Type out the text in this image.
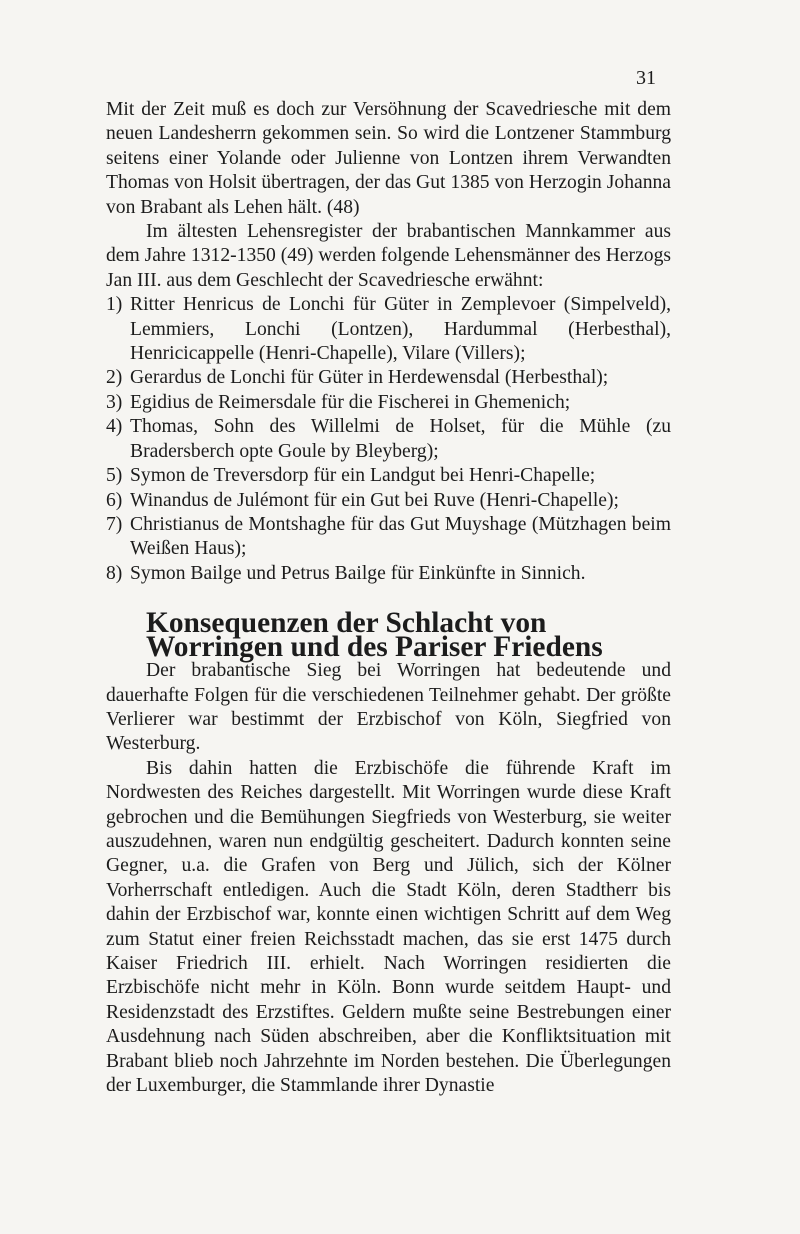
31

Mit der Zeit muß es doch zur Versöhnung der Scavedriesche mit dem neuen Landesherrn gekommen sein. So wird die Lontzener Stammburg seitens einer Yolande oder Julienne von Lontzen ihrem Verwandten Thomas von Holsit übertragen, der das Gut 1385 von Herzogin Johanna von Brabant als Lehen hält. (48)

Im ältesten Lehensregister der brabantischen Mannkammer aus dem Jahre 1312-1350 (49) werden folgende Lehensmänner des Herzogs Jan III. aus dem Geschlecht der Scavedriesche erwähnt:

1) Ritter Henricus de Lonchi für Güter in Zemplevoer (Simpelveld), Lemmiers, Lonchi (Lontzen), Hardummal (Herbesthal), Henricicappelle (Henri-Chapelle), Vilare (Villers);
2) Gerardus de Lonchi für Güter in Herdewensdal (Herbesthal);
3) Egidius de Reimersdale für die Fischerei in Ghemenich;
4) Thomas, Sohn des Willelmi de Holset, für die Mühle (zu Bradersberch opte Goule by Bleyberg);
5) Symon de Treversdorp für ein Landgut bei Henri-Chapelle;
6) Winandus de Julémont für ein Gut bei Ruve (Henri-Chapelle);
7) Christianus de Montshaghe für das Gut Muyshage (Mützhagen beim Weißen Haus);
8) Symon Bailge und Petrus Bailge für Einkünfte in Sinnich.
Konsequenzen der Schlacht von Worringen und des Pariser Friedens

Der brabantische Sieg bei Worringen hat bedeutende und dauerhafte Folgen für die verschiedenen Teilnehmer gehabt. Der größte Verlierer war bestimmt der Erzbischof von Köln, Siegfried von Westerburg.

Bis dahin hatten die Erzbischöfe die führende Kraft im Nordwesten des Reiches dargestellt. Mit Worringen wurde diese Kraft gebrochen und die Bemühungen Siegfrieds von Westerburg, sie weiter auszudehnen, waren nun endgültig gescheitert. Dadurch konnten seine Gegner, u.a. die Grafen von Berg und Jülich, sich der Kölner Vorherrschaft entledigen. Auch die Stadt Köln, deren Stadtherr bis dahin der Erzbischof war, konnte einen wichtigen Schritt auf dem Weg zum Statut einer freien Reichsstadt machen, das sie erst 1475 durch Kaiser Friedrich III. erhielt. Nach Worringen residierten die Erzbischöfe nicht mehr in Köln. Bonn wurde seitdem Haupt- und Residenzstadt des Erzstiftes. Geldern mußte seine Bestrebungen einer Ausdehnung nach Süden abschreiben, aber die Konfliktsituation mit Brabant blieb noch Jahrzehnte im Norden bestehen. Die Überlegungen der Luxemburger, die Stammlande ihrer Dynastie
